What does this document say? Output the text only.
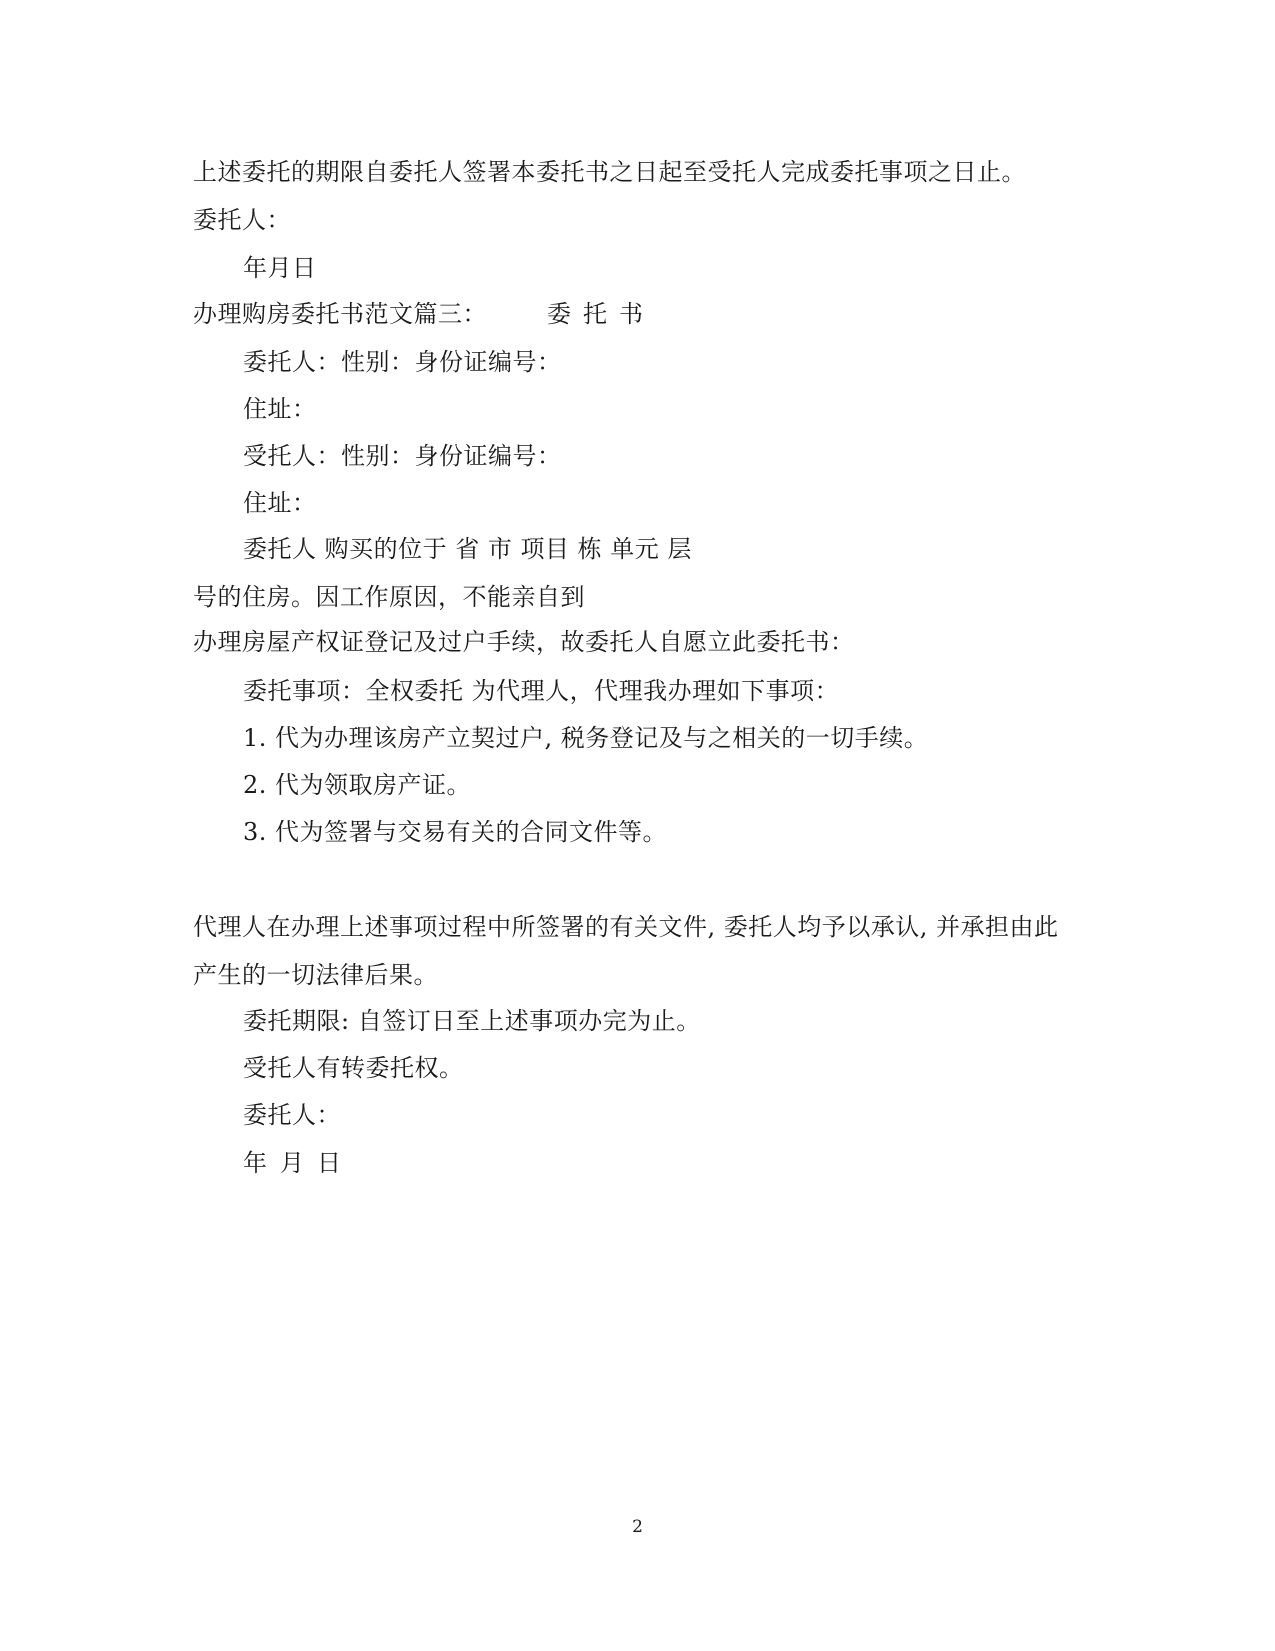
上述委托的期限自委托人签署本委托书之日起至受托人完成委托事项之日止。
委托人：
年月日
办理购房委托书范文篇三：	委托书
委托人：性别：身份证编号：
住址：
受托人：性别：身份证编号：
住址：
委托人 购买的位于 省 市 项目 栋 单元 层
号的住房。因工作原因，不能亲自到
办理房屋产权证登记及过户手续，故委托人自愿立此委托书：
委托事项：全权委托 为代理人，代理我办理如下事项：
1. 代为办理该房产立契过户, 税务登记及与之相关的一切手续。
2. 代为领取房产证。
3. 代为签署与交易有关的合同文件等。
代理人在办理上述事项过程中所签署的有关文件, 委托人均予以承认, 并承担由此
产生的一切法律后果。
委托期限: 自签订日至上述事项办完为止。
受托人有转委托权。
委托人：
年月日
2
